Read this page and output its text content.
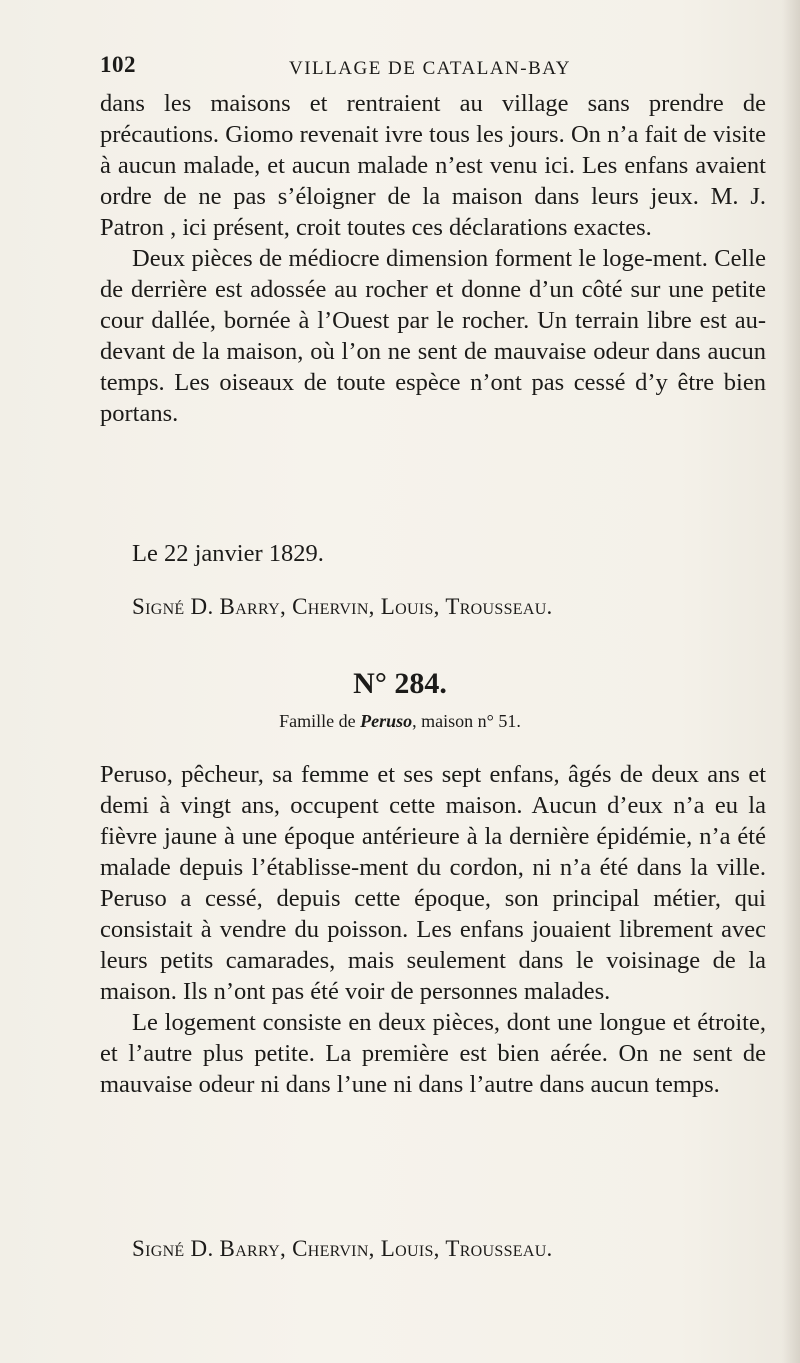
102	VILLAGE DE CATALAN-BAY

dans les maisons et rentraient au village sans prendre de précautions. Giomo revenait ivre tous les jours. On n’a fait de visite à aucun malade, et aucun malade n’est venu ici. Les enfans avaient ordre de ne pas s’éloigner de la maison dans leurs jeux. M. J. Patron , ici présent, croit toutes ces déclarations exactes.

Deux pièces de médiocre dimension forment le loge-ment. Celle de derrière est adossée au rocher et donne d’un côté sur une petite cour dallée, bornée à l’Ouest par le rocher. Un terrain libre est au-devant de la maison, où l’on ne sent de mauvaise odeur dans aucun temps. Les oiseaux de toute espèce n’ont pas cessé d’y être bien portans.

Le 22 janvier 1829.
Signé D. Barry, Chervin, Louis, Trousseau.
N° 284.
Famille de Peruso, maison n° 51.

Peruso, pêcheur, sa femme et ses sept enfans, âgés de deux ans et demi à vingt ans, occupent cette maison. Aucun d’eux n’a eu la fièvre jaune à une époque antérieure à la dernière épidémie, n’a été malade depuis l’établisse-ment du cordon, ni n’a été dans la ville. Peruso a cessé, depuis cette époque, son principal métier, qui consistait à vendre du poisson. Les enfans jouaient librement avec leurs petits camarades, mais seulement dans le voisinage de la maison. Ils n’ont pas été voir de personnes malades.

Le logement consiste en deux pièces, dont une longue et étroite, et l’autre plus petite. La première est bien aérée. On ne sent de mauvaise odeur ni dans l’une ni dans l’autre dans aucun temps.

Signé D. Barry, Chervin, Louis, Trousseau.
